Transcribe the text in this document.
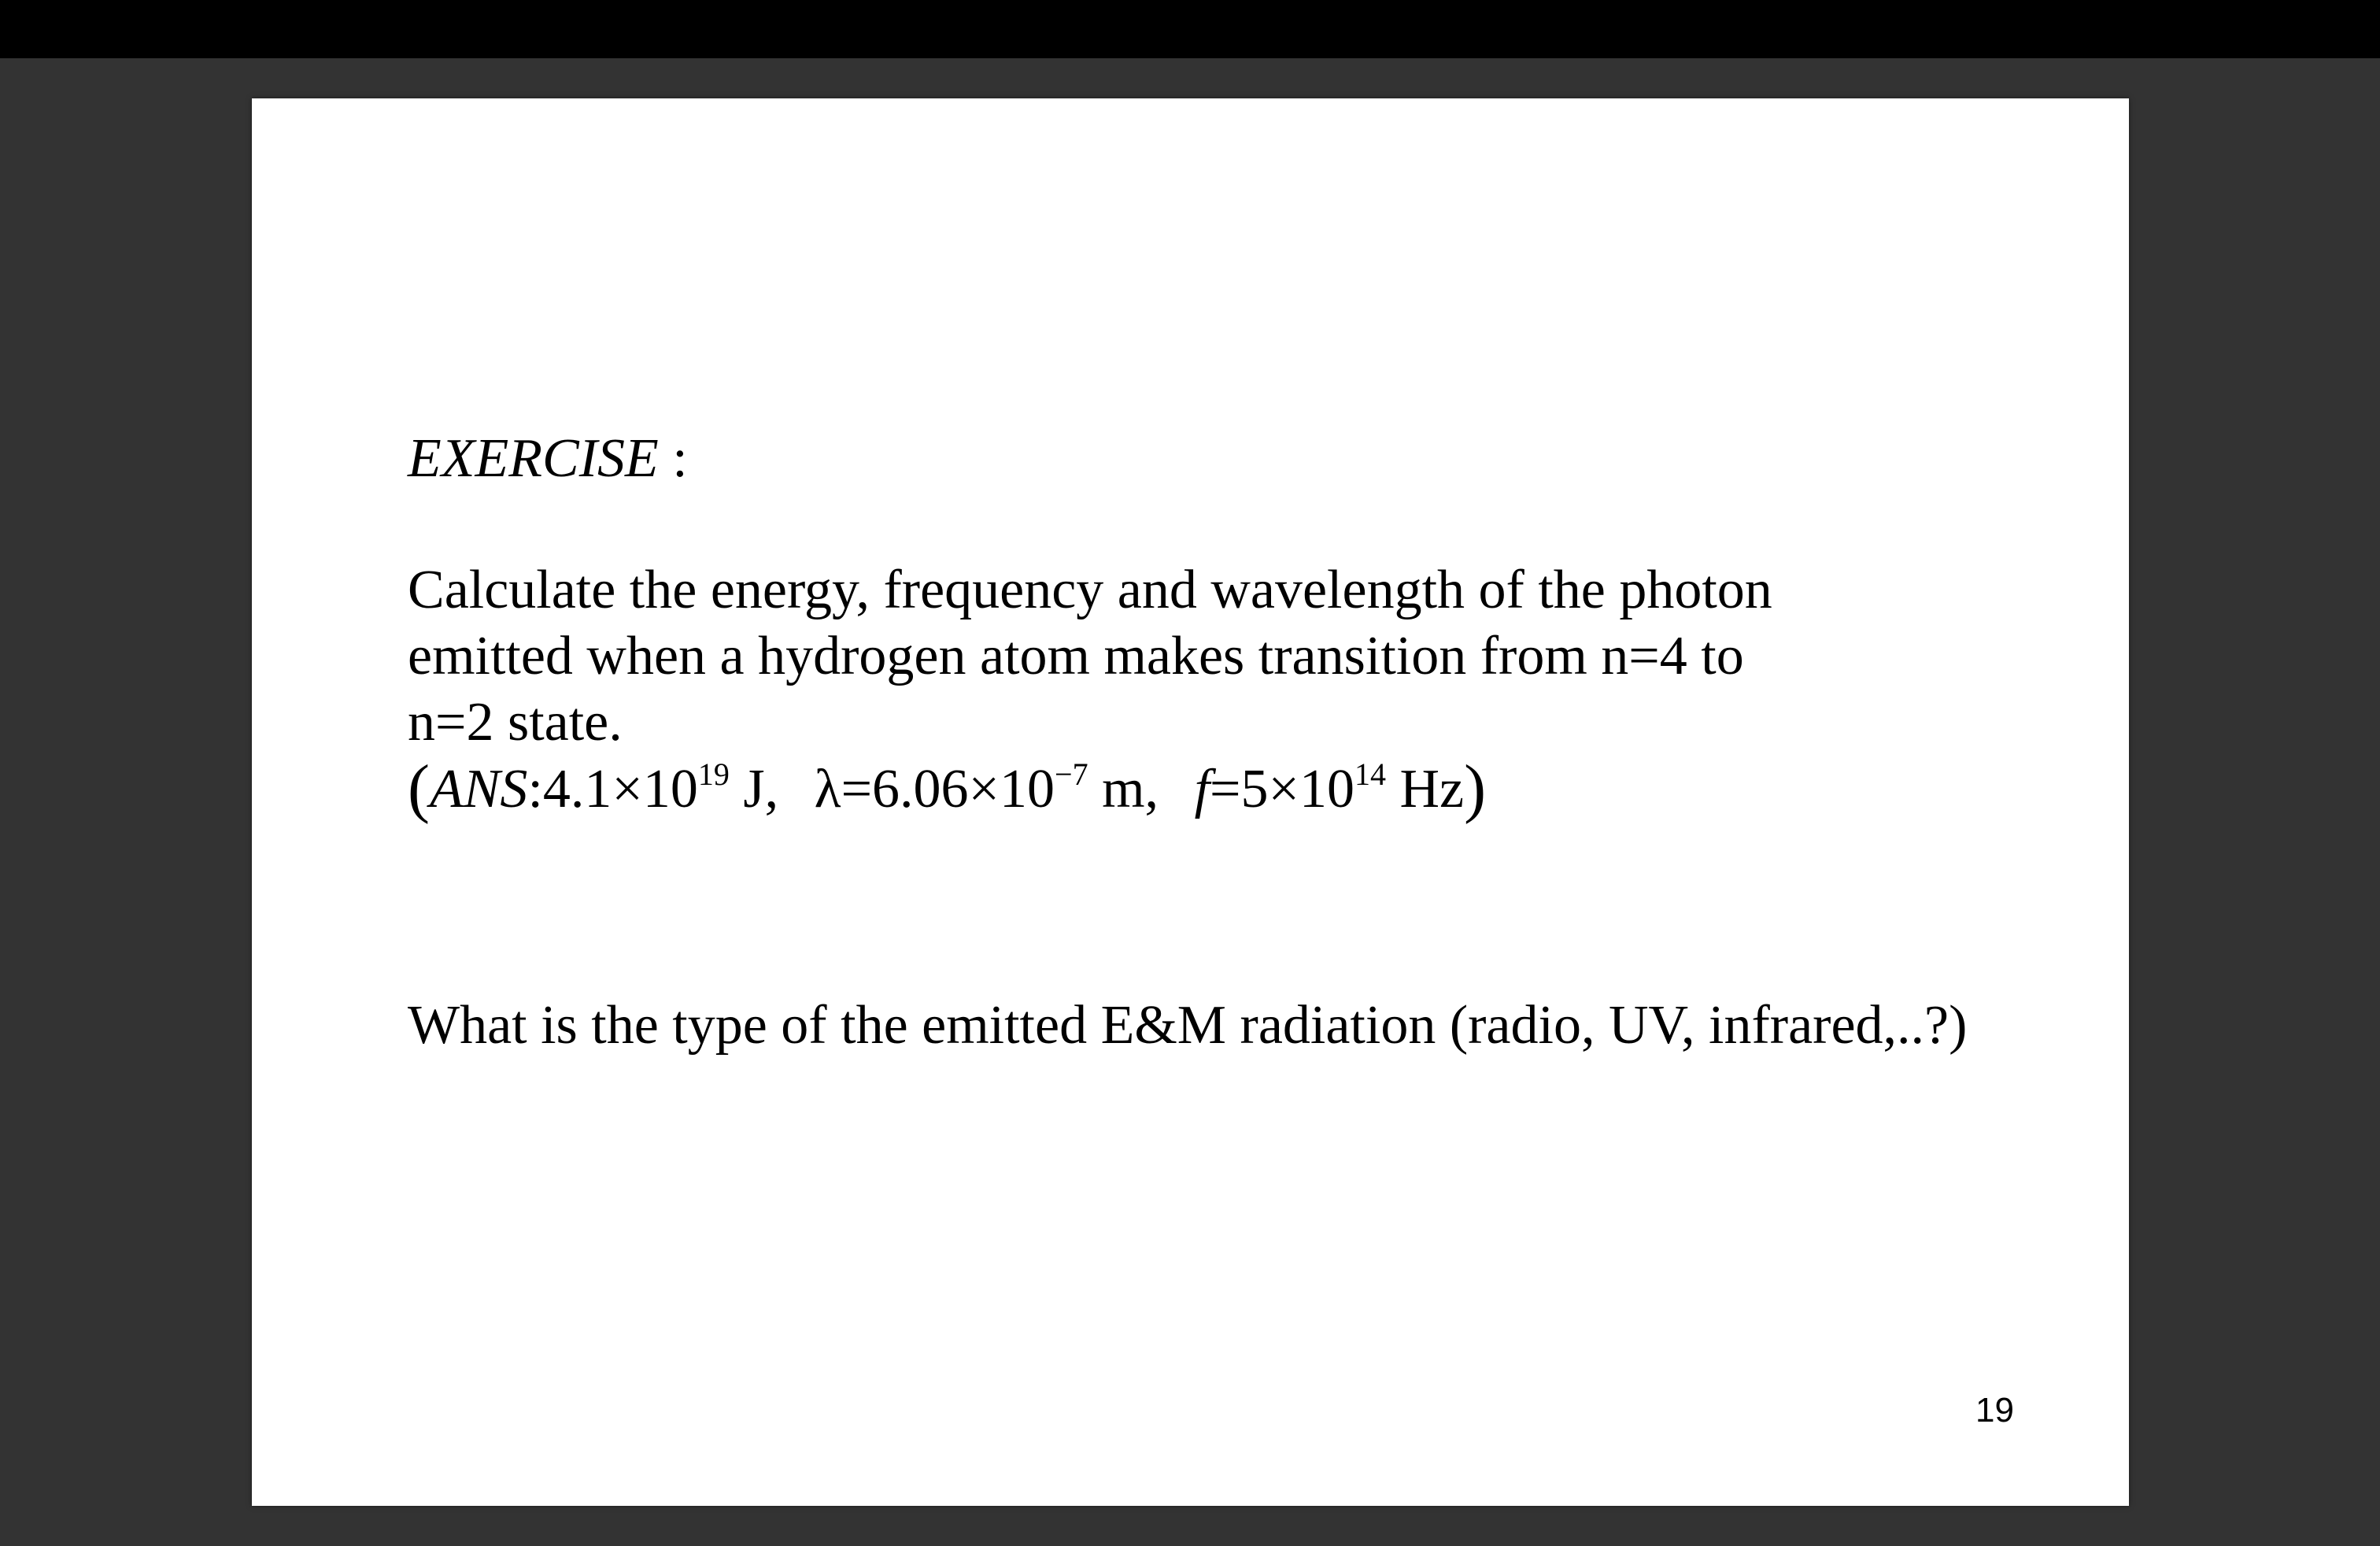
EXERCISE :
Calculate the energy, frequency and wavelength of the photon
emitted when a hydrogen atom makes transition from n=4 to
n=2 state.
($ANS:4.1\times 10^{19}$ J, $\lambda=6.06\times 10^{-7}$ m, $f=5\times 10^{14}$ Hz)
What is the type of the emitted E&M radiation (radio, UV, infrared,..?)
19
